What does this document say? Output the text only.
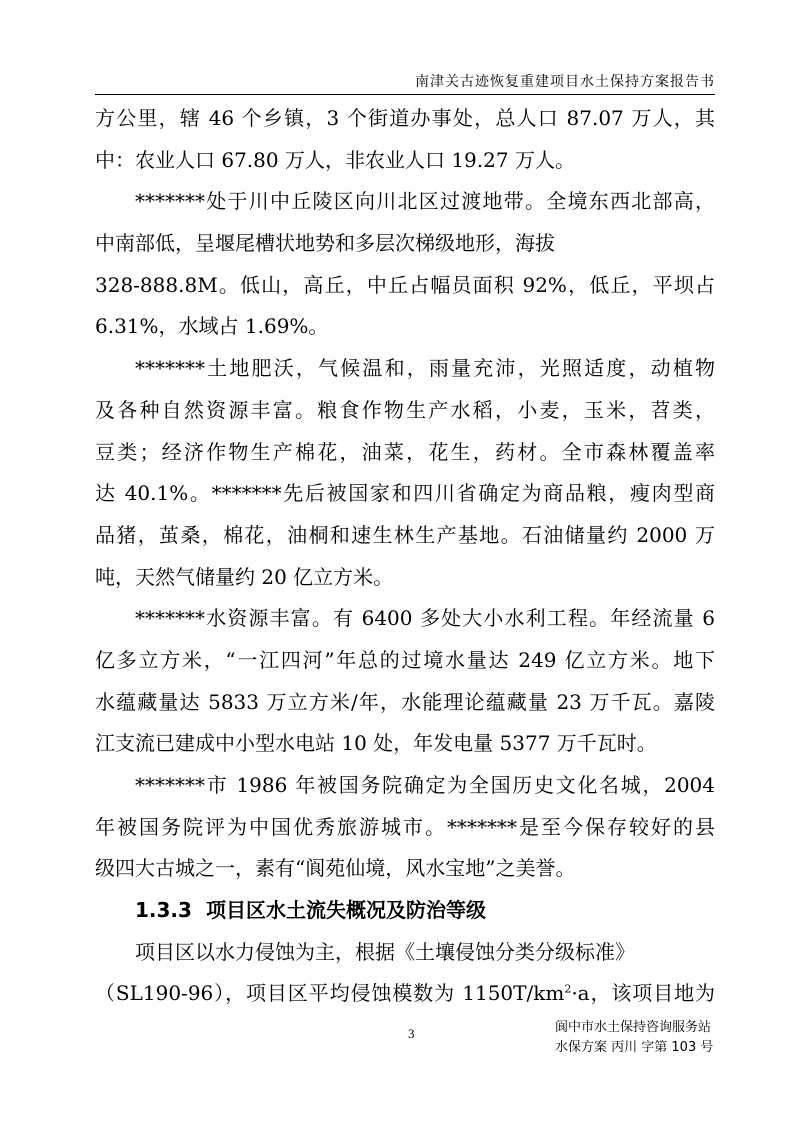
南津关古迹恢复重建项目水土保持方案报告书
方公里，辖 46 个乡镇，3 个街道办事处，总人口 87.07 万人，其
中：农业人口 67.80 万人，非农业人口 19.27 万人。
*******处于川中丘陵区向川北区过渡地带。全境东西北部高，
中南部低，呈堰尾槽状地势和多层次梯级地形，海拔
328-888.8M。低山，高丘，中丘占幅员面积 92%，低丘，平坝占
6.31%，水域占 1.69%。
*******土地肥沃，气候温和，雨量充沛，光照适度，动植物
及各种自然资源丰富。粮食作物生产水稻，小麦，玉米，苕类，
豆类；经济作物生产棉花，油菜，花生，药材。全市森林覆盖率
达 40.1%。*******先后被国家和四川省确定为商品粮，瘦肉型商
品猪，茧桑，棉花，油桐和速生林生产基地。石油储量约 2000 万
吨，天然气储量约 20 亿立方米。
*******水资源丰富。有 6400 多处大小水利工程。年经流量 6
亿多立方米，“一江四河”年总的过境水量达 249 亿立方米。地下
水蕴藏量达 5833 万立方米/年，水能理论蕴藏量 23 万千瓦。嘉陵
江支流已建成中小型水电站 10 处，年发电量 5377 万千瓦时。
*******市 1986 年被国务院确定为全国历史文化名城，2004
年被国务院评为中国优秀旅游城市。*******是至今保存较好的县
级四大古城之一，素有“阆苑仙境，风水宝地”之美誉。
1.3.3 项目区水土流失概况及防治等级
项目区以水力侵蚀为主，根据《土壤侵蚀分类分级标准》
（SL190-96），项目区平均侵蚀模数为 $1150T/km^2\cdot a$，该项目地为
3	阆中市水土保持咨询服务站
水保方案 丙川 字第 103 号
